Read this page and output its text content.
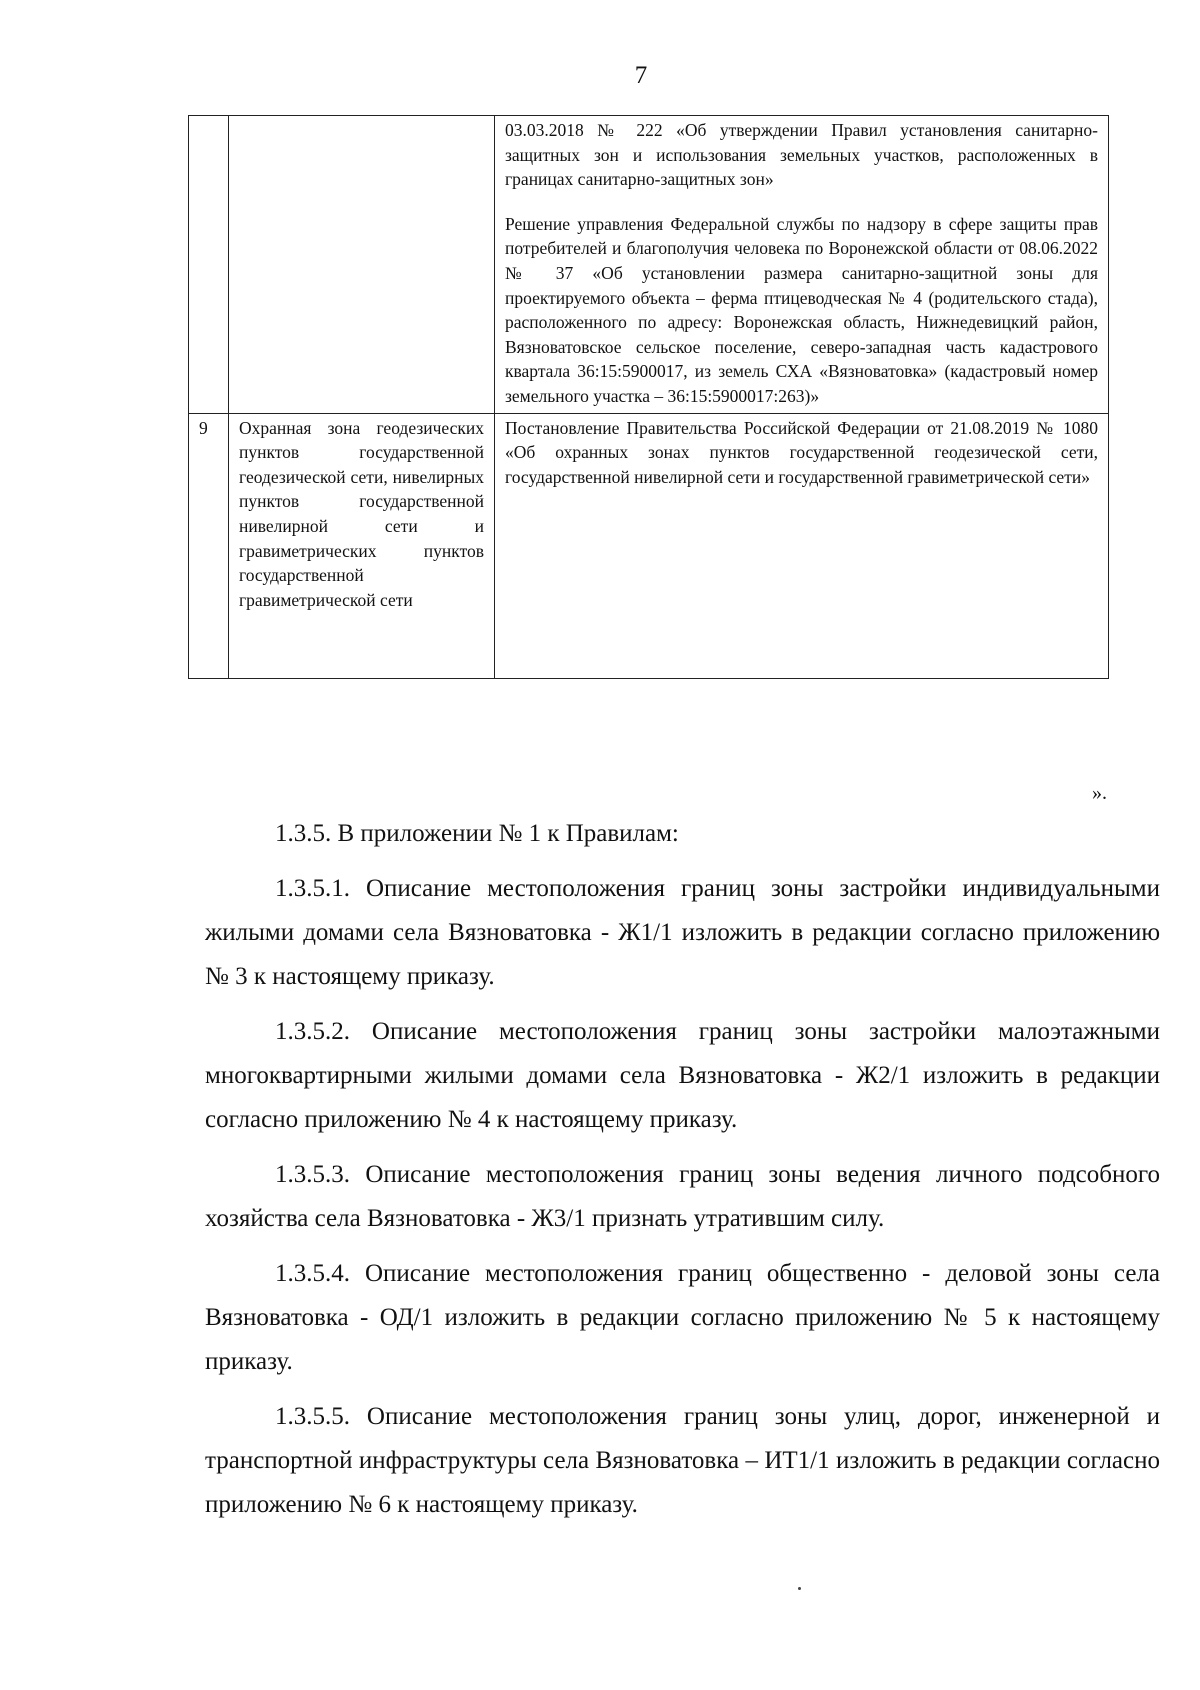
7

		03.03.2018 № 222 «Об утверждении Правил установления санитарно-защитных зон и использования земельных участков, расположенных в границах санитарно-защитных зон»

Решение управления Федеральной службы по надзору в сфере защиты прав потребителей и благополучия человека по Воронежской области от 08.06.2022 № 37 «Об установлении размера санитарно-защитной зоны для проектируемого объекта – ферма птицеводческая № 4 (родительского стада), расположенного по адресу: Воронежская область, Нижнедевицкий район, Вязноватовское сельское поселение, северо-западная часть кадастрового квартала 36:15:5900017, из земель СХА «Вязноватовка» (кадастровый номер земельного участка – 36:15:5900017:263)»

9	Охранная зона геодезических пунктов государственной геодезической сети, нивелирных пунктов государственной нивелирной сети и гравиметрических пунктов государственной гравиметрической сети	Постановление Правительства Российской Федерации от 21.08.2019 № 1080 «Об охранных зонах пунктов государственной геодезической сети, государственной нивелирной сети и государственной гравиметрической сети»

».

1.3.5. В приложении № 1 к Правилам:

1.3.5.1. Описание местоположения границ зоны застройки индивидуальными жилыми домами села Вязноватовка - Ж1/1 изложить в редакции согласно приложению № 3 к настоящему приказу.

1.3.5.2. Описание местоположения границ зоны застройки малоэтажными многоквартирными жилыми домами села Вязноватовка - Ж2/1 изложить в редакции согласно приложению № 4 к настоящему приказу.

1.3.5.3. Описание местоположения границ зоны ведения личного подсобного хозяйства села Вязноватовка - Ж3/1 признать утратившим силу.

1.3.5.4. Описание местоположения границ общественно - деловой зоны села Вязноватовка - ОД/1 изложить в редакции согласно приложению № 5 к настоящему приказу.

1.3.5.5. Описание местоположения границ зоны улиц, дорог, инженерной и транспортной инфраструктуры села Вязноватовка – ИТ1/1 изложить в редакции согласно приложению № 6 к настоящему приказу.
